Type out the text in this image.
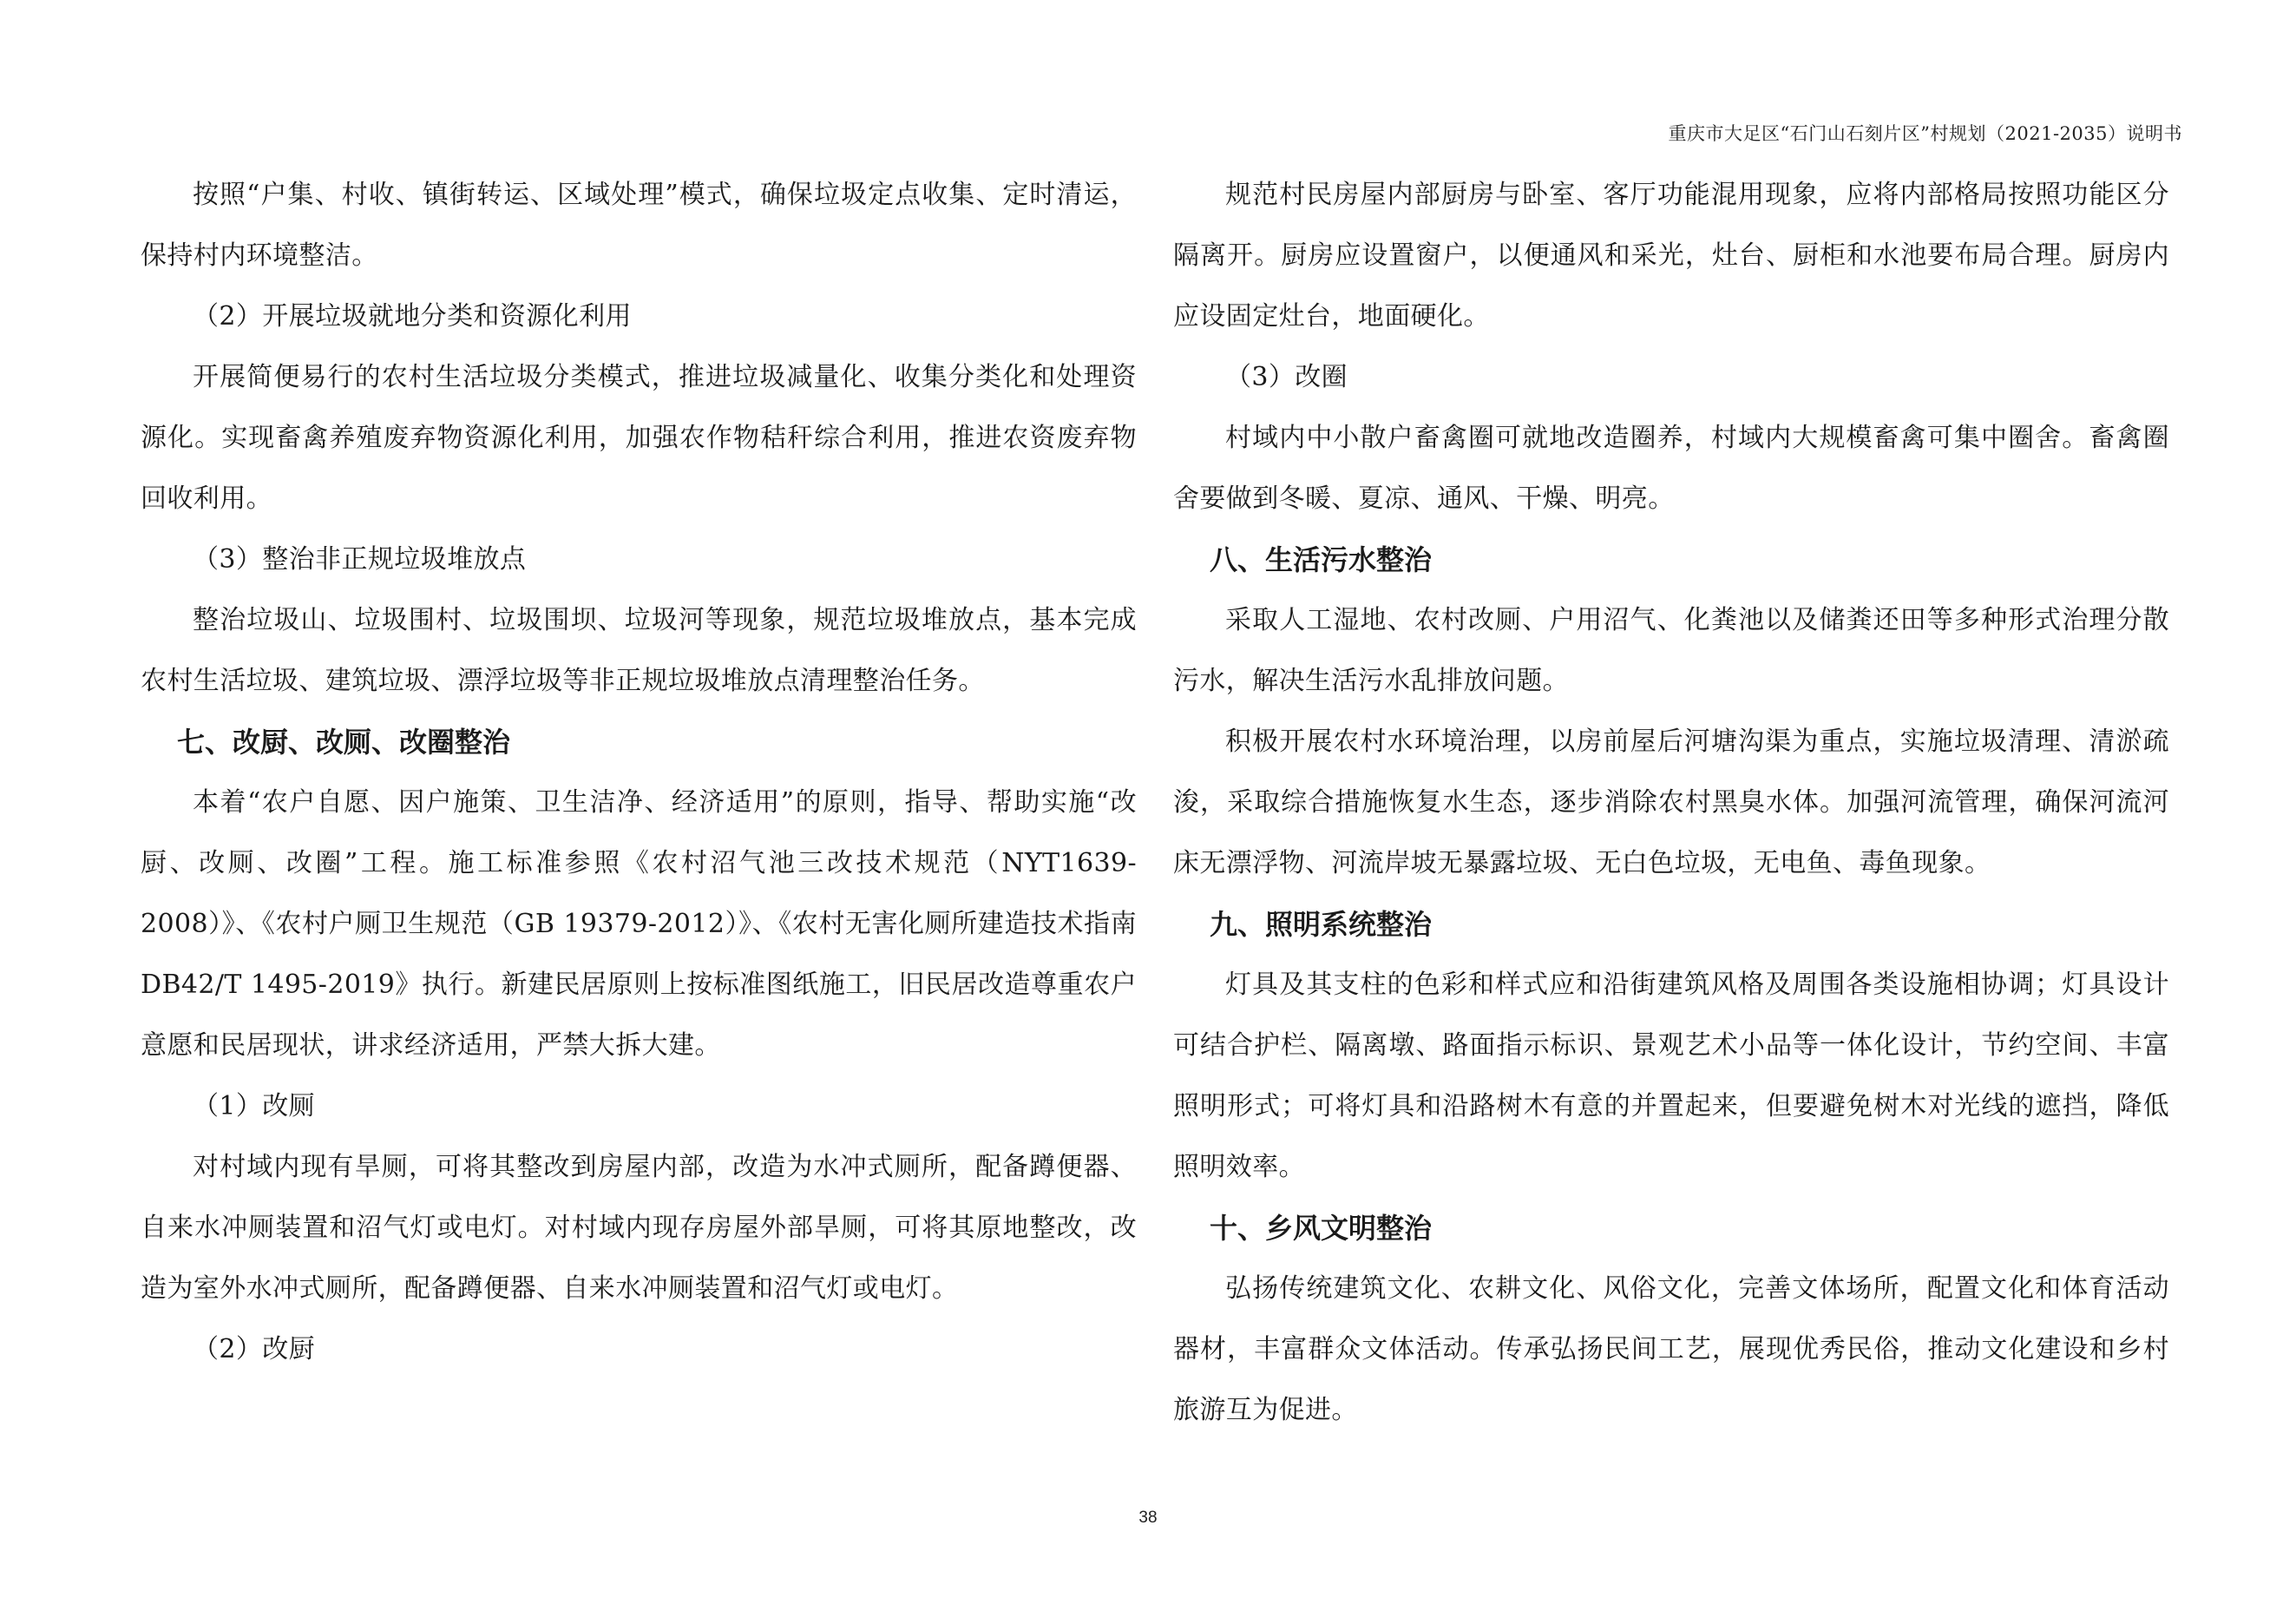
重庆市大足区“石门山石刻片区”村规划（2021-2035）说明书

按照“户集、村收、镇街转运、区域处理”模式，确保垃圾定点收集、定时清运，保持村内环境整洁。

（2）开展垃圾就地分类和资源化利用

开展简便易行的农村生活垃圾分类模式，推进垃圾减量化、收集分类化和处理资源化。实现畜禽养殖废弃物资源化利用，加强农作物秸秆综合利用，推进农资废弃物回收利用。

（3）整治非正规垃圾堆放点

整治垃圾山、垃圾围村、垃圾围坝、垃圾河等现象，规范垃圾堆放点，基本完成农村生活垃圾、建筑垃圾、漂浮垃圾等非正规垃圾堆放点清理整治任务。

七、改厨、改厕、改圈整治

本着“农户自愿、因户施策、卫生洁净、经济适用”的原则，指导、帮助实施“改厨、改厕、改圈”工程。施工标准参照《农村沼气池三改技术规范（NYT1639-2008）》、《农村户厕卫生规范（GB 19379-2012）》、《农村无害化厕所建造技术指南 DB42/T 1495-2019》执行。新建民居原则上按标准图纸施工，旧民居改造尊重农户意愿和民居现状，讲求经济适用，严禁大拆大建。

（1）改厕

对村域内现有旱厕，可将其整改到房屋内部，改造为水冲式厕所，配备蹲便器、自来水冲厕装置和沼气灯或电灯。对村域内现存房屋外部旱厕，可将其原地整改，改造为室外水冲式厕所，配备蹲便器、自来水冲厕装置和沼气灯或电灯。

（2）改厨

规范村民房屋内部厨房与卧室、客厅功能混用现象，应将内部格局按照功能区分隔离开。厨房应设置窗户，以便通风和采光，灶台、厨柜和水池要布局合理。厨房内应设固定灶台，地面硬化。

（3）改圈

村域内中小散户畜禽圈可就地改造圈养，村域内大规模畜禽可集中圈舍。畜禽圈舍要做到冬暖、夏凉、通风、干燥、明亮。

八、生活污水整治

采取人工湿地、农村改厕、户用沼气、化粪池以及储粪还田等多种形式治理分散污水，解决生活污水乱排放问题。

积极开展农村水环境治理，以房前屋后河塘沟渠为重点，实施垃圾清理、清淤疏浚，采取综合措施恢复水生态，逐步消除农村黑臭水体。加强河流管理，确保河流河床无漂浮物、河流岸坡无暴露垃圾、无白色垃圾，无电鱼、毒鱼现象。

九、照明系统整治

灯具及其支柱的色彩和样式应和沿街建筑风格及周围各类设施相协调；灯具设计可结合护栏、隔离墩、路面指示标识、景观艺术小品等一体化设计，节约空间、丰富照明形式；可将灯具和沿路树木有意的并置起来，但要避免树木对光线的遮挡，降低照明效率。

十、乡风文明整治

弘扬传统建筑文化、农耕文化、风俗文化，完善文体场所，配置文化和体育活动器材，丰富群众文体活动。传承弘扬民间工艺，展现优秀民俗，推动文化建设和乡村旅游互为促进。

38
